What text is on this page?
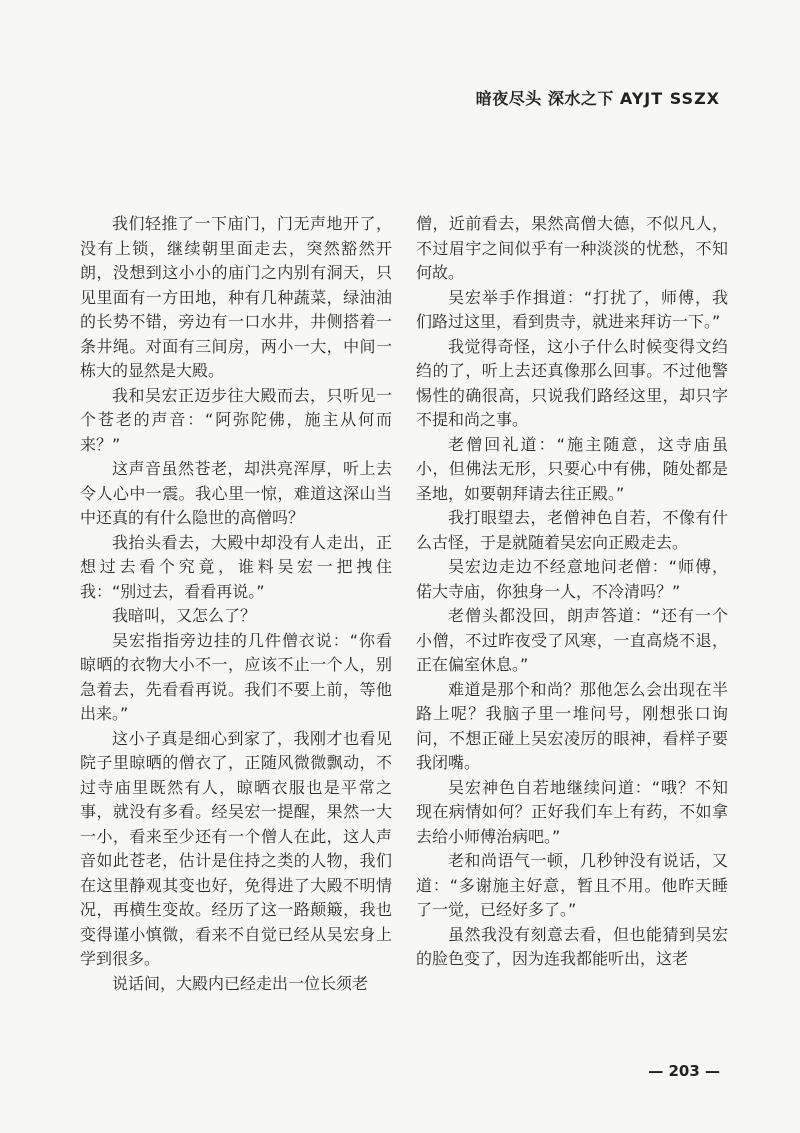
暗夜尽头 深水之下 AYJT SSZX

我们轻推了一下庙门，门无声地开了，没有上锁，继续朝里面走去，突然豁然开朗，没想到这小小的庙门之内别有洞天，只见里面有一方田地，种有几种蔬菜，绿油油的长势不错，旁边有一口水井，井侧搭着一条井绳。对面有三间房，两小一大，中间一栋大的显然是大殿。

我和吴宏正迈步往大殿而去，只听见一个苍老的声音：“阿弥陀佛，施主从何而来？”

这声音虽然苍老，却洪亮浑厚，听上去令人心中一震。我心里一惊，难道这深山当中还真的有什么隐世的高僧吗？

我抬头看去，大殿中却没有人走出，正想过去看个究竟，谁料吴宏一把拽住我：“别过去，看看再说。”

我暗叫，又怎么了？

吴宏指指旁边挂的几件僧衣说：“你看晾晒的衣物大小不一，应该不止一个人，别急着去，先看看再说。我们不要上前，等他出来。”

这小子真是细心到家了，我刚才也看见院子里晾晒的僧衣了，正随风微微飘动，不过寺庙里既然有人，晾晒衣服也是平常之事，就没有多看。经吴宏一提醒，果然一大一小，看来至少还有一个僧人在此，这人声音如此苍老，估计是住持之类的人物，我们在这里静观其变也好，免得进了大殿不明情况，再横生变故。经历了这一路颠簸，我也变得谨小慎微，看来不自觉已经从吴宏身上学到很多。

说话间，大殿内已经走出一位长须老

僧，近前看去，果然高僧大德，不似凡人，不过眉宇之间似乎有一种淡淡的忧愁，不知何故。

吴宏举手作揖道：“打扰了，师傅，我们路过这里，看到贵寺，就进来拜访一下。”

我觉得奇怪，这小子什么时候变得文绉绉的了，听上去还真像那么回事。不过他警惕性的确很高，只说我们路经这里，却只字不提和尚之事。

老僧回礼道：“施主随意，这寺庙虽小，但佛法无形，只要心中有佛，随处都是圣地，如要朝拜请去往正殿。”

我打眼望去，老僧神色自若，不像有什么古怪，于是就随着吴宏向正殿走去。

吴宏边走边不经意地问老僧：“师傅，偌大寺庙，你独身一人，不冷清吗？”

老僧头都没回，朗声答道：“还有一个小僧，不过昨夜受了风寒，一直高烧不退，正在偏室休息。”

难道是那个和尚？那他怎么会出现在半路上呢？我脑子里一堆问号，刚想张口询问，不想正碰上吴宏凌厉的眼神，看样子要我闭嘴。

吴宏神色自若地继续问道：“哦？不知现在病情如何？正好我们车上有药，不如拿去给小师傅治病吧。”

老和尚语气一顿，几秒钟没有说话，又道：“多谢施主好意，暂且不用。他昨天睡了一觉，已经好多了。”

虽然我没有刻意去看，但也能猜到吴宏的脸色变了，因为连我都能听出，这老

— 203 —
